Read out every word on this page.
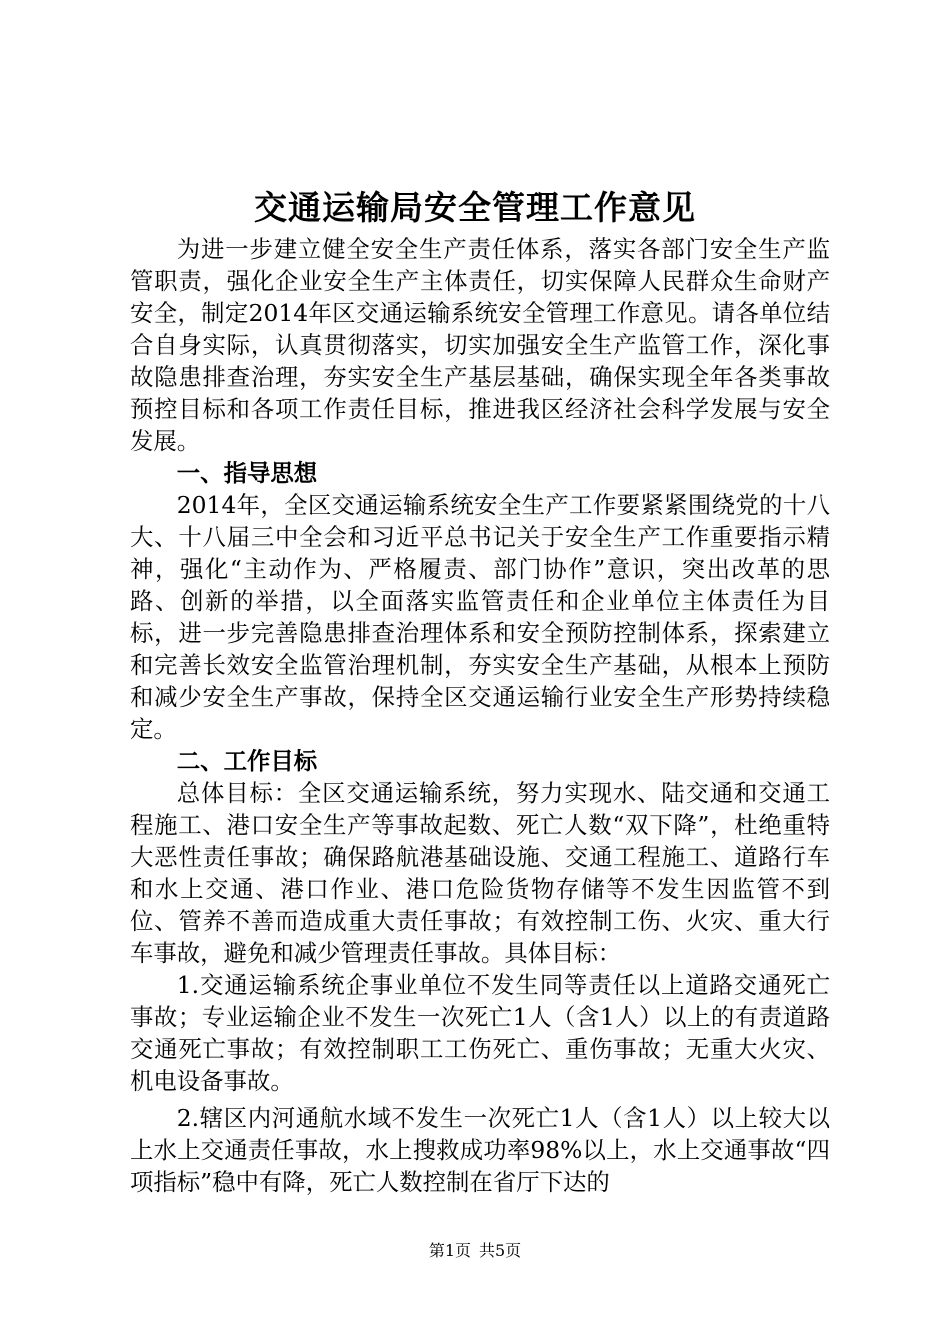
交通运输局安全管理工作意见

为进一步建立健全安全生产责任体系，落实各部门安全生产监管职责，强化企业安全生产主体责任，切实保障人民群众生命财产安全，制定2014年区交通运输系统安全管理工作意见。请各单位结合自身实际，认真贯彻落实，切实加强安全生产监管工作，深化事故隐患排查治理，夯实安全生产基层基础，确保实现全年各类事故预控目标和各项工作责任目标，推进我区经济社会科学发展与安全发展。

一、指导思想

2014年，全区交通运输系统安全生产工作要紧紧围绕党的十八大、十八届三中全会和习近平总书记关于安全生产工作重要指示精神，强化“主动作为、严格履责、部门协作”意识，突出改革的思路、创新的举措，以全面落实监管责任和企业单位主体责任为目标，进一步完善隐患排查治理体系和安全预防控制体系，探索建立和完善长效安全监管治理机制，夯实安全生产基础，从根本上预防和减少安全生产事故，保持全区交通运输行业安全生产形势持续稳定。

二、工作目标

总体目标：全区交通运输系统，努力实现水、陆交通和交通工程施工、港口安全生产等事故起数、死亡人数“双下降”，杜绝重特大恶性责任事故；确保路航港基础设施、交通工程施工、道路行车和水上交通、港口作业、港口危险货物存储等不发生因监管不到位、管养不善而造成重大责任事故；有效控制工伤、火灾、重大行车事故，避免和减少管理责任事故。具体目标：

1.交通运输系统企事业单位不发生同等责任以上道路交通死亡事故；专业运输企业不发生一次死亡1人（含1人）以上的有责道路交通死亡事故；有效控制职工工伤死亡、重伤事故；无重大火灾、机电设备事故。

2.辖区内河通航水域不发生一次死亡1人（含1人）以上较大以上水上交通责任事故，水上搜救成功率98%以上，水上交通事故“四项指标”稳中有降，死亡人数控制在省厅下达的

第1页 共5页
